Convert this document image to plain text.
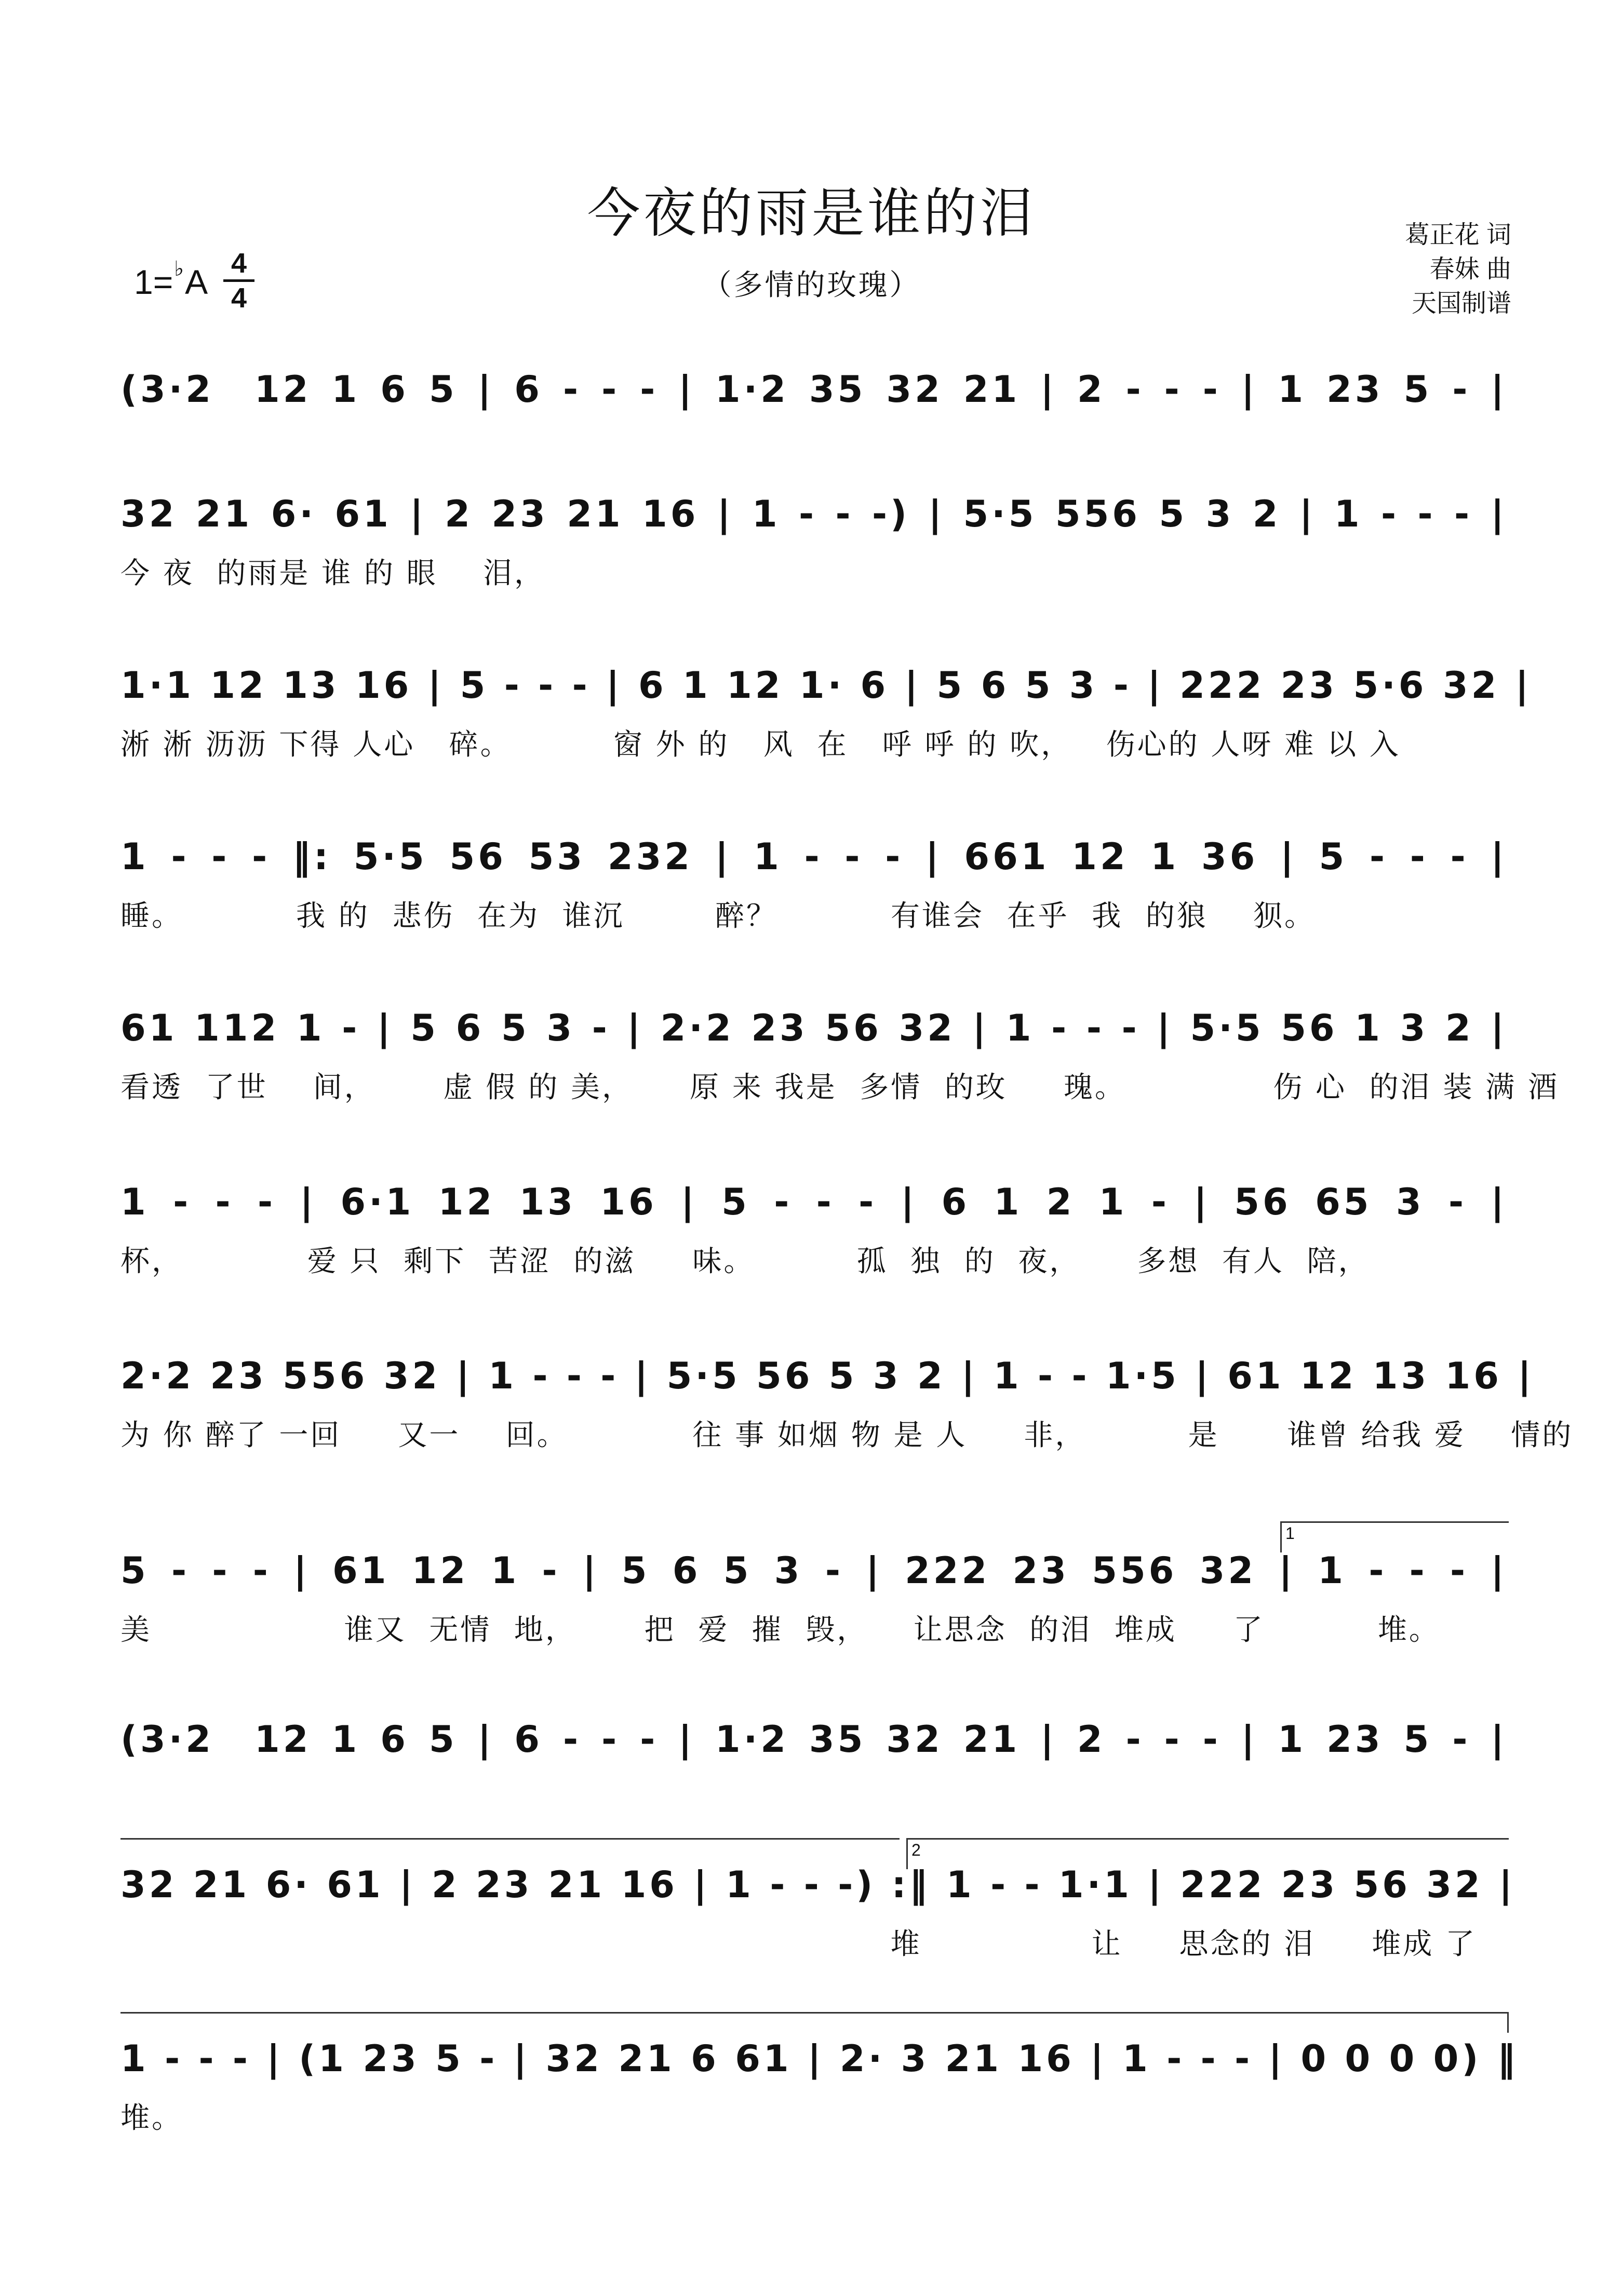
今夜的雨是谁的泪
（多情的玫瑰）
1=♭A 4
4
葛正花 词
春妹 曲
天国制谱
(3·2  12 1 6 5 | 6 - - - | 1·2 35 32 21 | 2 - - - | 1 23 5 - |
32 21 6· 61 | 2 23 21 16 | 1 - - -) | 5·5 556 5 3 2 | 1 - - - |
今 夜  的雨是 谁 的 眼    泪，
1·1 12 13 16 | 5 - - - | 6 1 12 1· 6 | 5 6 5 3 - | 222 23 5·6 32 |
淅 淅 沥沥 下得 人心   碎。         窗 外 的   风  在   呼 呼 的 吹，   伤心的 人呀 难 以 入
1 - - - ‖: 5·5 56 53 232 | 1 - - - | 661 12 1 36 | 5 - - - |
睡。          我 的  悲伤  在为  谁沉        醉？          有谁会  在乎  我  的狼    狈。
61 112 1 - | 5 6 5 3 - | 2·2 23 56 32 | 1 - - - | 5·5 56 1 3 2 |
看透  了世    间，      虚 假 的 美，     原 来 我是  多情  的玫     瑰。             伤 心  的泪 装 满 酒
1 - - - | 6·1 12 13 16 | 5 - - - | 6 1 2 1 - | 56 65 3 - |
杯，           爱 只  剩下  苦涩  的滋     味。         孤  独  的  夜，     多想  有人  陪，
2·2 23 556 32 | 1 - - - | 5·5 56 5 3 2 | 1 - - 1·5 | 61 12 13 16 |
为 你 醉了 一回     又一    回。           往 事 如烟 物 是 人     非，         是      谁曾 给我 爱    情的
5 - - - | 61 12 1 - | 5 6 5 3 - | 222 23 556 32 | 1 - - - |
美                 谁又  无情  地，      把  爱  摧  毁，    让思念  的泪  堆成     了          堆。
(3·2  12 1 6 5 | 6 - - - | 1·2 35 32 21 | 2 - - - | 1 23 5 - |
32 21 6· 61 | 2 23 21 16 | 1 - - -) :‖ 1 - - 1·1 | 222 23 56 32 |
堆               让     思念的 泪     堆成 了
1 - - - | (1 23 5 - | 32 21 6 61 | 2· 3 21 16 | 1 - - - | 0 0 0 0) ‖
堆。
1
2
